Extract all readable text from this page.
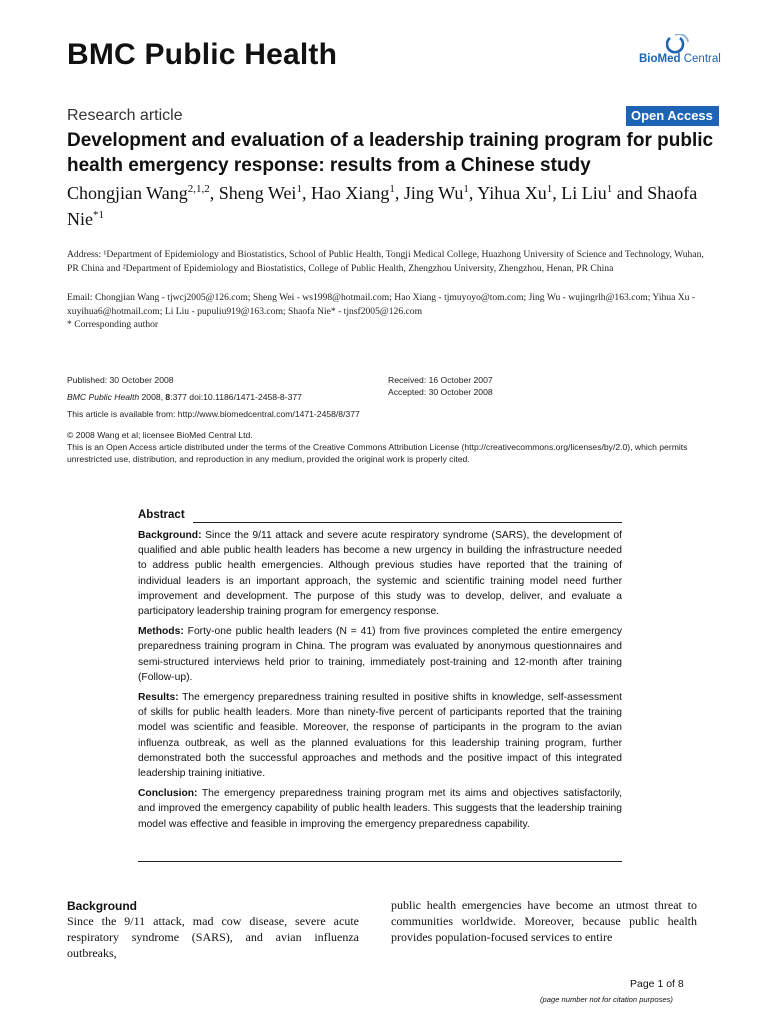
BMC Public Health	BioMed Central
Research article	Open Access
Development and evaluation of a leadership training program for public health emergency response: results from a Chinese study
Chongjian Wang$^{2,1,2}$, Sheng Wei$^1$, Hao Xiang$^1$, Jing Wu$^1$, Yihua Xu$^1$, Li Liu$^1$ and Shaofa Nie$^{*1}$
Address: ¹Department of Epidemiology and Biostatistics, School of Public Health, Tongji Medical College, Huazhong University of Science and Technology, Wuhan, PR China and ²Department of Epidemiology and Biostatistics, College of Public Health, Zhengzhou University, Zhengzhou, Henan, PR China
Email: Chongjian Wang - tjwcj2005@126.com; Sheng Wei - ws1998@hotmail.com; Hao Xiang - tjmuyoyo@tom.com; Jing Wu - wujingrlh@163.com; Yihua Xu - xuyihua6@hotmail.com; Li Liu - pupuliu919@163.com; Shaofa Nie* - tjnsf2005@126.com
* Corresponding author
Published: 30 October 2008
BMC Public Health 2008, 8:377 doi:10.1186/1471-2458-8-377
Received: 16 October 2007
Accepted: 30 October 2008
This article is available from: http://www.biomedcentral.com/1471-2458/8/377
© 2008 Wang et al; licensee BioMed Central Ltd.
This is an Open Access article distributed under the terms of the Creative Commons Attribution License (http://creativecommons.org/licenses/by/2.0), which permits unrestricted use, distribution, and reproduction in any medium, provided the original work is properly cited.
Abstract
Background: Since the 9/11 attack and severe acute respiratory syndrome (SARS), the development of qualified and able public health leaders has become a new urgency in building the infrastructure needed to address public health emergencies. Although previous studies have reported that the training of individual leaders is an important approach, the systemic and scientific training model need further improvement and development. The purpose of this study was to develop, deliver, and evaluate a participatory leadership training program for emergency response.
Methods: Forty-one public health leaders (N = 41) from five provinces completed the entire emergency preparedness training program in China. The program was evaluated by anonymous questionnaires and semi-structured interviews held prior to training, immediately post-training and 12-month after training (Follow-up).
Results: The emergency preparedness training resulted in positive shifts in knowledge, self-assessment of skills for public health leaders. More than ninety-five percent of participants reported that the training model was scientific and feasible. Moreover, the response of participants in the program to the avian influenza outbreak, as well as the planned evaluations for this leadership training program, further demonstrated both the successful approaches and methods and the positive impact of this integrated leadership training initiative.
Conclusion: The emergency preparedness training program met its aims and objectives satisfactorily, and improved the emergency capability of public health leaders. This suggests that the leadership training model was effective and feasible in improving the emergency preparedness capability.
Background
Since the 9/11 attack, mad cow disease, severe acute respiratory syndrome (SARS), and avian influenza outbreaks,
public health emergencies have become an utmost threat to communities worldwide. Moreover, because public health provides population-focused services to entire
Page 1 of 8
(page number not for citation purposes)
